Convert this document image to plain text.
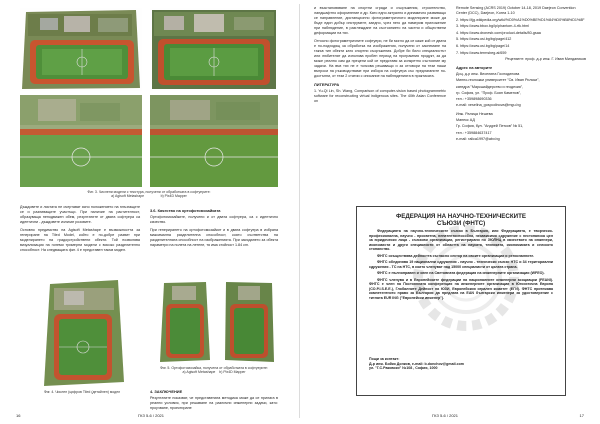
Фиг. 3. Числени модели с текстура, получени от обработката в софтуерите:
a) Agisoft Metashape	b) Pix4D Mapper

Дъждовете и листата не очертават ясно положението на плъзгащите се и разливащите участъци. При наличие на растителност, образуваща неподвижен обем, резултатите от двата софтуера са идентични - дъждовете излизат розовите.

Основно предимство на Agisoft Metashape е възможността за генериране на Tiled Model, който е по-добре развит при моделирането на градоустройствени обекти. Той позволява визуализация на големи тримерни модели с високо разделително способност. На следващата фиг. 4 е представен такъв модел.

Фиг. 4. Числен (цифров Tiled (детайлен) модел
3.6. Качество на ортофотомозайката

Ортофотомозайките, получени и от двата софтуера, са с идентично качество.

При генерирането на ортофотомозайкит и в двата софтуера в избрана максимална разделителна способност, която съответства на разделителната способност на изображенията. При засядането за обекта параметри на полета на летене, тя има стойност 1.84 cm.

Фиг. 5. Ортофотомозайка, получена от обработката в софтуерите:
a) Agisoft Metashape b) Pix4D Mapper
4. ЗАКЛЮЧЕНИЕ

Резултатите показват, че представената методика може да се прилага в реални условия, при решаване на различни инженерни задачи, като: проучване, проектиране

16	ГКЗ 5-6 / 2021

и възстановяване на спортни сгради и съоръжения, строителство, ландшафтно оформление и др. Като едно актуално и динамично развиващо се направление, дистанционно фотограметричното моделиране може да бъде един добър инструмент, заедно, чрез него да намерим приложение при наблюдение, в разглеждане на състоянието на частни и обществени деформации на тях.

Относно фотограметричните софтуери, не би могло да се каже кой от двата е по-подходящ за обработка на изображения, получени от заснемане на такъв тип обекти като спортни съоръжения. Добре би било специалистът или любителят да използва пробен период на програмния продукт, за да може реално сам да прецени кой се представя за конкретно състояние му задачи. На във тях не е толкова решаващо и за отговори на тези наши въпроси на ръководстваме при избора на софтуера със предлаганите по-достъпни, от тези 2 статии с описание на наблюденията в практиката.

ЛИТЕРАТУРА

1. Yu-Qi Lin, Sh. Wang, Comparison of computer-vision based photogrammetric software for reconstructing virtual indigenous sites. The 40th Asian Conference on

Remote Sensing (ACRS 2019) October 14-18, 2019 Daejeon Convention Center (DCC), Daejeon, Korea 1-10
2. https://tjg.wikipedia.org/wiki/%D0%A1%D0%BE%D1%84%D0%B8%D1%8F
3. https://www.bbox.bg/lp/phantom-4-rtk.html
4. https://www.dronesb.com/product-details/80-gsaa
5. https://www.osi.bg/bg/page/412
6. https://www.osi.bg/bg/page/14
7. https://www.termsbeg.ai/659
Рецензент: проф. д-р инж. Г. Иван Милдаников
Адрес на авторите
Доц. д-р инж. Веселина Господинова
Минно-геоложки университет "Св. Иван Рилски",
катедра "Маркшайдерство и геодезия",
гр. София, ул. "Проф. Боян Каменов",
тел.: +359898690336
e-mail: veselina_gospodinova@mgu.bg
Инж. Ралица Нешева
Мапекс АД
Гр. София, бул. "Андрей Петков" № 51,
тел.: +359884637417
e-mail: ralica1997@abv.bg
ГКЗ 5-6 / 2021	17
ФЕДЕРАЦИЯ НА НАУЧНО-ТЕХНИЧЕСКИТЕ
СЪЮЗИ (ФНТС)

Федерацията на научно-техническите съюзи в България, или Федерацията, е творческо-професионална, научно - просветна, непатентоспособна, независимо сдружение с нестопанска цел за юридически лица - съюзови организации, регистрирани по ЗЮЛНЦ в качеството на инженери, икономисти и други специалисти от областта на науката, техниката, икономиката и селското стопанство.

ФНТС осъществява дейността съгласно сектор на своите организации и регионалните.

ФНТС обединява 19 национални сдружения - научно - технически съюзи НТС и 34 териториални сдружения - ТС на НТС, в които членуват над 15000 специалисти от цялата страна.

ФНТС е пълноправен и член на Световната федерация на инженерните организации (WFEO).

ФНТС членува и в Европейските федерации на националните инженерни асоциации (FEANI). ФНТС е член на Постоянната конференция на инженерните организации в Югоизточна Европа (CO.P.I.S.E.E.), Глобалните Дейност на ЮЗИ, Европейския игрален комитет (ЕГИ). ФНТС притежава компетентното право за България да предлага на EAN български инженери за удостоверение с титлата EUR ING ("Европейски инженер").

Пощи за контакт:
Д-р инж. Бойко Донков, e-mail: b.donchov@gmail.com
ул. "Г.С.Раковски" №108 , София, 1000
